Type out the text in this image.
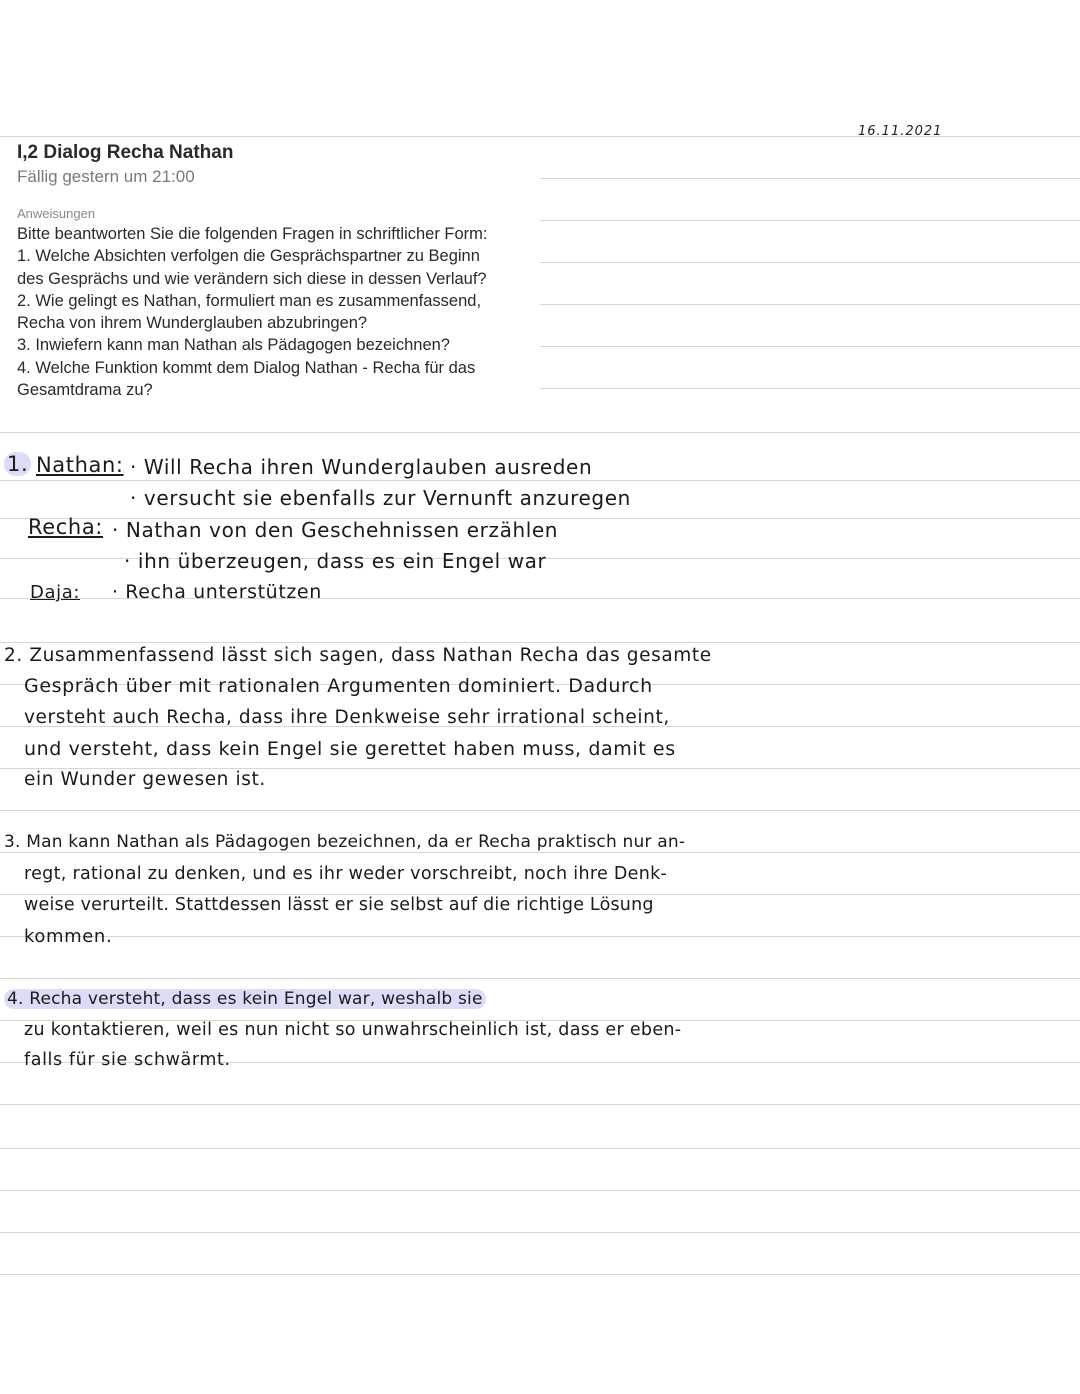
16.11.2021
I,2 Dialog Recha Nathan
Fällig gestern um 21:00
Anweisungen
Bitte beantworten Sie die folgenden Fragen in schriftlicher Form:
1. Welche Absichten verfolgen die Gesprächspartner zu Beginn
des Gesprächs und wie verändern sich diese in dessen Verlauf?
2. Wie gelingt es Nathan, formuliert man es zusammenfassend,
Recha von ihrem Wunderglauben abzubringen?
3. Inwiefern kann man Nathan als Pädagogen bezeichnen?
4. Welche Funktion kommt dem Dialog Nathan - Recha für das
Gesamtdrama zu?
1. Nathan: · Will Recha ihren Wunderglauben ausreden
· versucht sie ebenfalls zur Vernunft anzuregen
Recha: · Nathan von den Geschehnissen erzählen
· ihn überzeugen, dass es ein Engel war
Daja: · Recha unterstützen
2. Zusammenfassend lässt sich sagen, dass Nathan Recha das gesamte
Gespräch über mit rationalen Argumenten dominiert. Dadurch
versteht auch Recha, dass ihre Denkweise sehr irrational scheint,
und versteht, dass kein Engel sie gerettet haben muss, damit es
ein Wunder gewesen ist.
3. Man kann Nathan als Pädagogen bezeichnen, da er Recha praktisch nur an-
regt, rational zu denken, und es ihr weder vorschreibt, noch ihre Denk-
weise verurteilt. Stattdessen lässt er sie selbst auf die richtige Lösung
kommen.
4. Recha versteht, dass es kein Engel war, weshalb sie
zu kontaktieren, weil es nun nicht so unwahrscheinlich ist, dass er eben-
falls für sie schwärmt.
